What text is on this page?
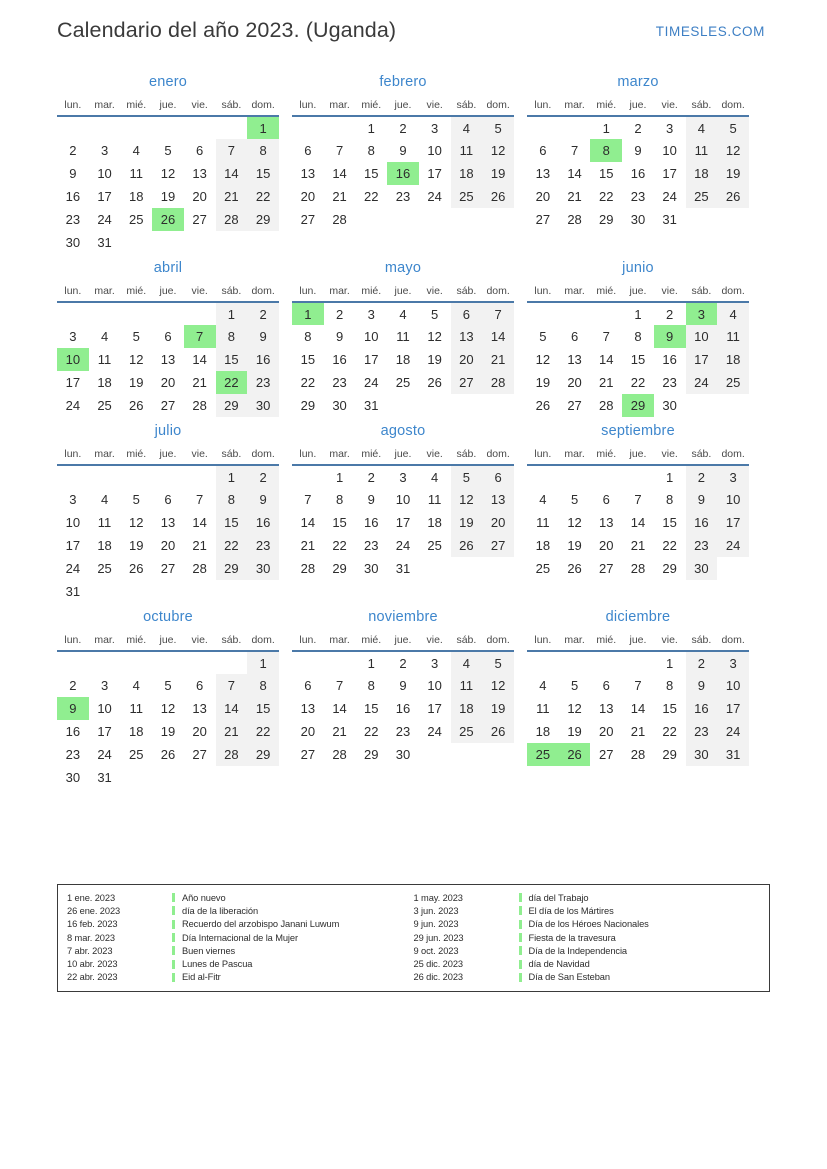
Calendario del año 2023. (Uganda)	TIMESLES.COM
enero
lun.	mar.	mié.	jue.	vie.	sáb.	dom.
						1
2	3	4	5	6	7	8
9	10	11	12	13	14	15
16	17	18	19	20	21	22
23	24	25	26	27	28	29
30	31					
febrero
lun.	mar.	mié.	jue.	vie.	sáb.	dom.
		1	2	3	4	5
6	7	8	9	10	11	12
13	14	15	16	17	18	19
20	21	22	23	24	25	26
27	28					
marzo
lun.	mar.	mié.	jue.	vie.	sáb.	dom.
		1	2	3	4	5
6	7	8	9	10	11	12
13	14	15	16	17	18	19
20	21	22	23	24	25	26
27	28	29	30	31		
abril
lun.	mar.	mié.	jue.	vie.	sáb.	dom.
					1	2
3	4	5	6	7	8	9
10	11	12	13	14	15	16
17	18	19	20	21	22	23
24	25	26	27	28	29	30
mayo
lun.	mar.	mié.	jue.	vie.	sáb.	dom.
1	2	3	4	5	6	7
8	9	10	11	12	13	14
15	16	17	18	19	20	21
22	23	24	25	26	27	28
29	30	31				
junio
lun.	mar.	mié.	jue.	vie.	sáb.	dom.
			1	2	3	4
5	6	7	8	9	10	11
12	13	14	15	16	17	18
19	20	21	22	23	24	25
26	27	28	29	30		
julio
lun.	mar.	mié.	jue.	vie.	sáb.	dom.
					1	2
3	4	5	6	7	8	9
10	11	12	13	14	15	16
17	18	19	20	21	22	23
24	25	26	27	28	29	30
31						
agosto
lun.	mar.	mié.	jue.	vie.	sáb.	dom.
	1	2	3	4	5	6
7	8	9	10	11	12	13
14	15	16	17	18	19	20
21	22	23	24	25	26	27
28	29	30	31			
septiembre
lun.	mar.	mié.	jue.	vie.	sáb.	dom.
				1	2	3
4	5	6	7	8	9	10
11	12	13	14	15	16	17
18	19	20	21	22	23	24
25	26	27	28	29	30	
octubre
lun.	mar.	mié.	jue.	vie.	sáb.	dom.
						1
2	3	4	5	6	7	8
9	10	11	12	13	14	15
16	17	18	19	20	21	22
23	24	25	26	27	28	29
30	31					
noviembre
lun.	mar.	mié.	jue.	vie.	sáb.	dom.
		1	2	3	4	5
6	7	8	9	10	11	12
13	14	15	16	17	18	19
20	21	22	23	24	25	26
27	28	29	30			
diciembre
lun.	mar.	mié.	jue.	vie.	sáb.	dom.
				1	2	3
4	5	6	7	8	9	10
11	12	13	14	15	16	17
18	19	20	21	22	23	24
25	26	27	28	29	30	31
1 ene. 2023	Año nuevo
26 ene. 2023	día de la liberación
16 feb. 2023	Recuerdo del arzobispo Janani Luwum
8 mar. 2023	Día Internacional de la Mujer
7 abr. 2023	Buen viernes
10 abr. 2023	Lunes de Pascua
22 abr. 2023	Eid al-Fitr
1 may. 2023	día del Trabajo
3 jun. 2023	El día de los Mártires
9 jun. 2023	Día de los Héroes Nacionales
29 jun. 2023	Fiesta de la travesura
9 oct. 2023	Día de la Independencia
25 dic. 2023	día de Navidad
26 dic. 2023	Día de San Esteban
